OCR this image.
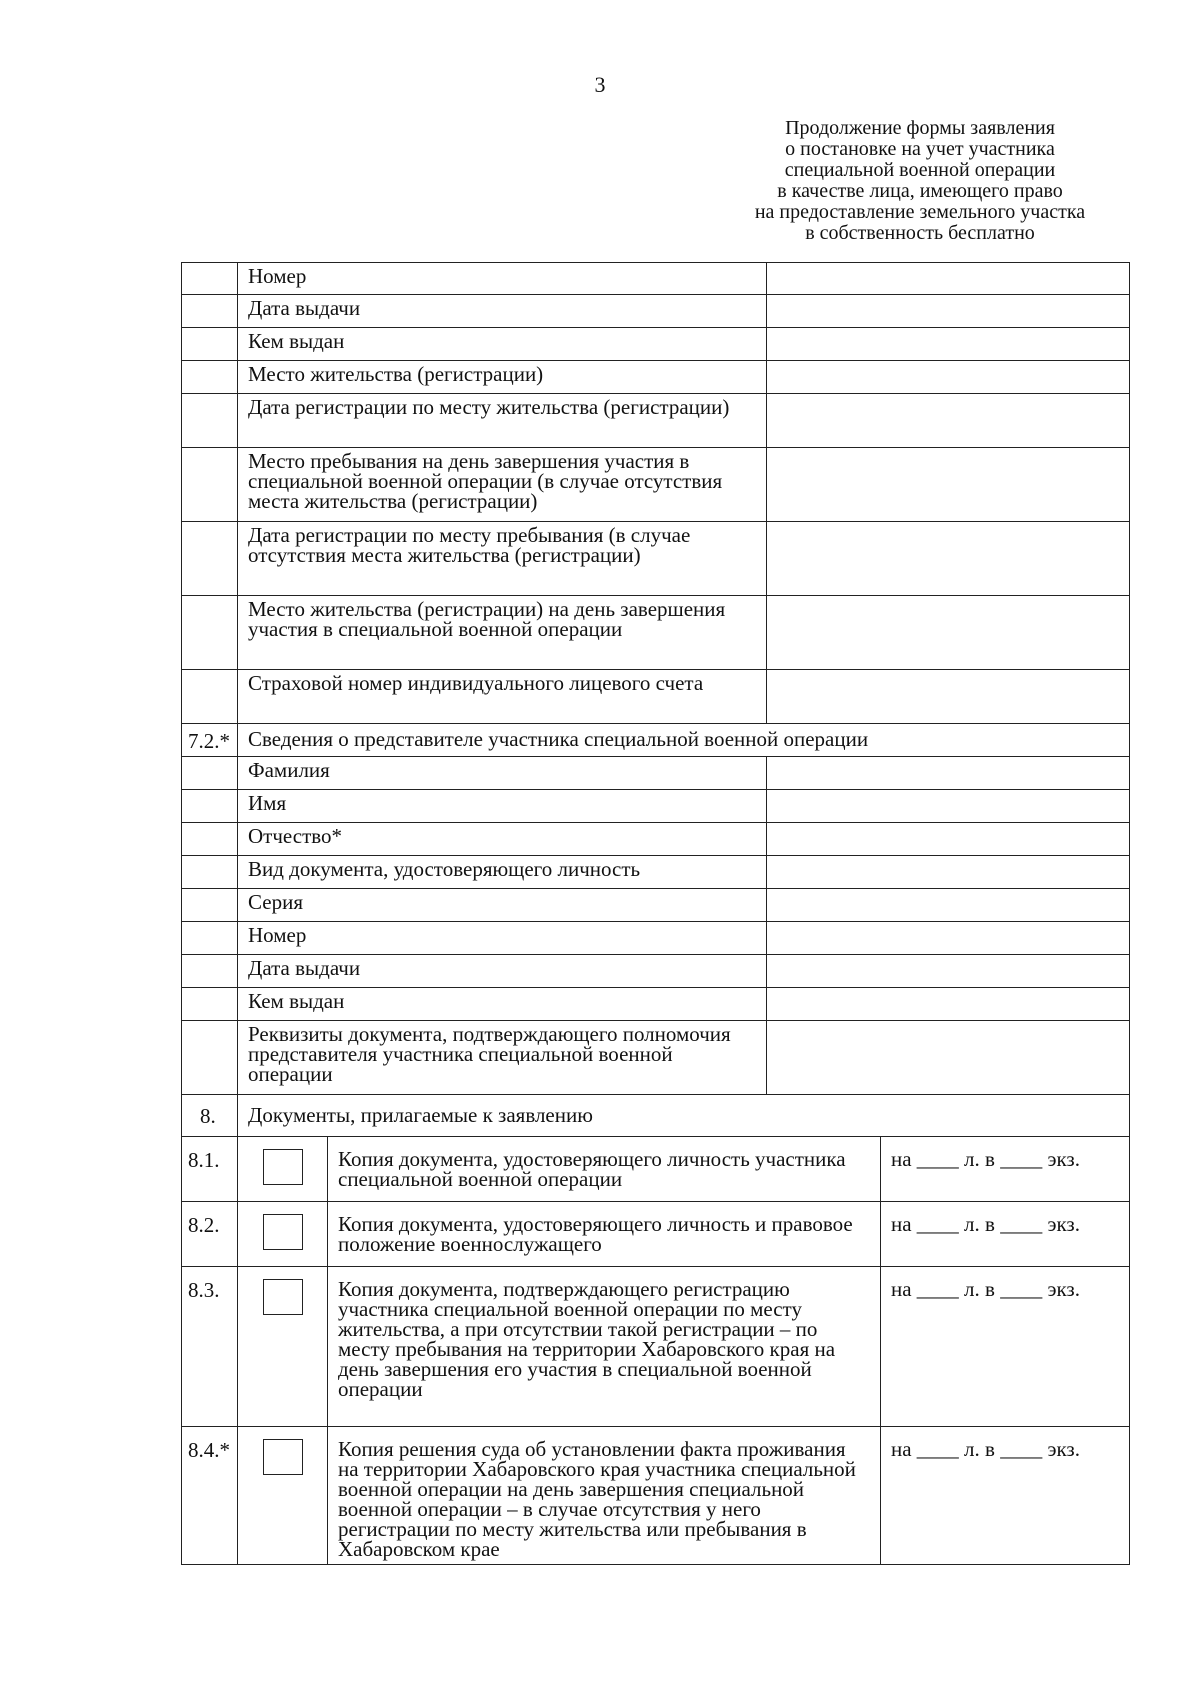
3
Продолжение формы заявления
о постановке на учет участника
специальной военной операции
в качестве лица, имеющего право
на предоставление земельного участка
в собственность бесплатно
Номер
Дата выдачи
Кем выдан
Место жительства (регистрации)
Дата регистрации по месту жительства (регистрации)
Место пребывания на день завершения участия в специальной военной операции (в случае отсутствия места жительства (регистрации)
Дата регистрации по месту пребывания (в случае отсутствия места жительства (регистрации)
Место жительства (регистрации) на день завершения участия в специальной военной операции
Страховой номер индивидуального лицевого счета
7.2.* Сведения о представителе участника специальной военной операции
Фамилия
Имя
Отчество*
Вид документа, удостоверяющего личность
Серия
Номер
Дата выдачи
Кем выдан
Реквизиты документа, подтверждающего полномочия представителя участника специальной военной операции
8.	Документы, прилагаемые к заявлению
8.1.	Копия документа, удостоверяющего личность участника специальной военной операции
на ____ л. в ____ экз.
8.2.	Копия документа, удостоверяющего личность и правовое положение военнослужащего
на ____ л. в ____ экз.
8.3.	Копия документа, подтверждающего регистрацию участника специальной военной операции по месту жительства, а при отсутствии такой регистрации – по месту пребывания на территории Хабаровского края на день завершения его участия в специальной военной операции
на ____ л. в ____ экз.
8.4.*	Копия решения суда об установлении факта проживания на территории Хабаровского края участника специальной военной операции на день завершения специальной военной операции – в случае отсутствия у него регистрации по месту жительства или пребывания в Хабаровском крае
на ____ л. в ____ экз.
